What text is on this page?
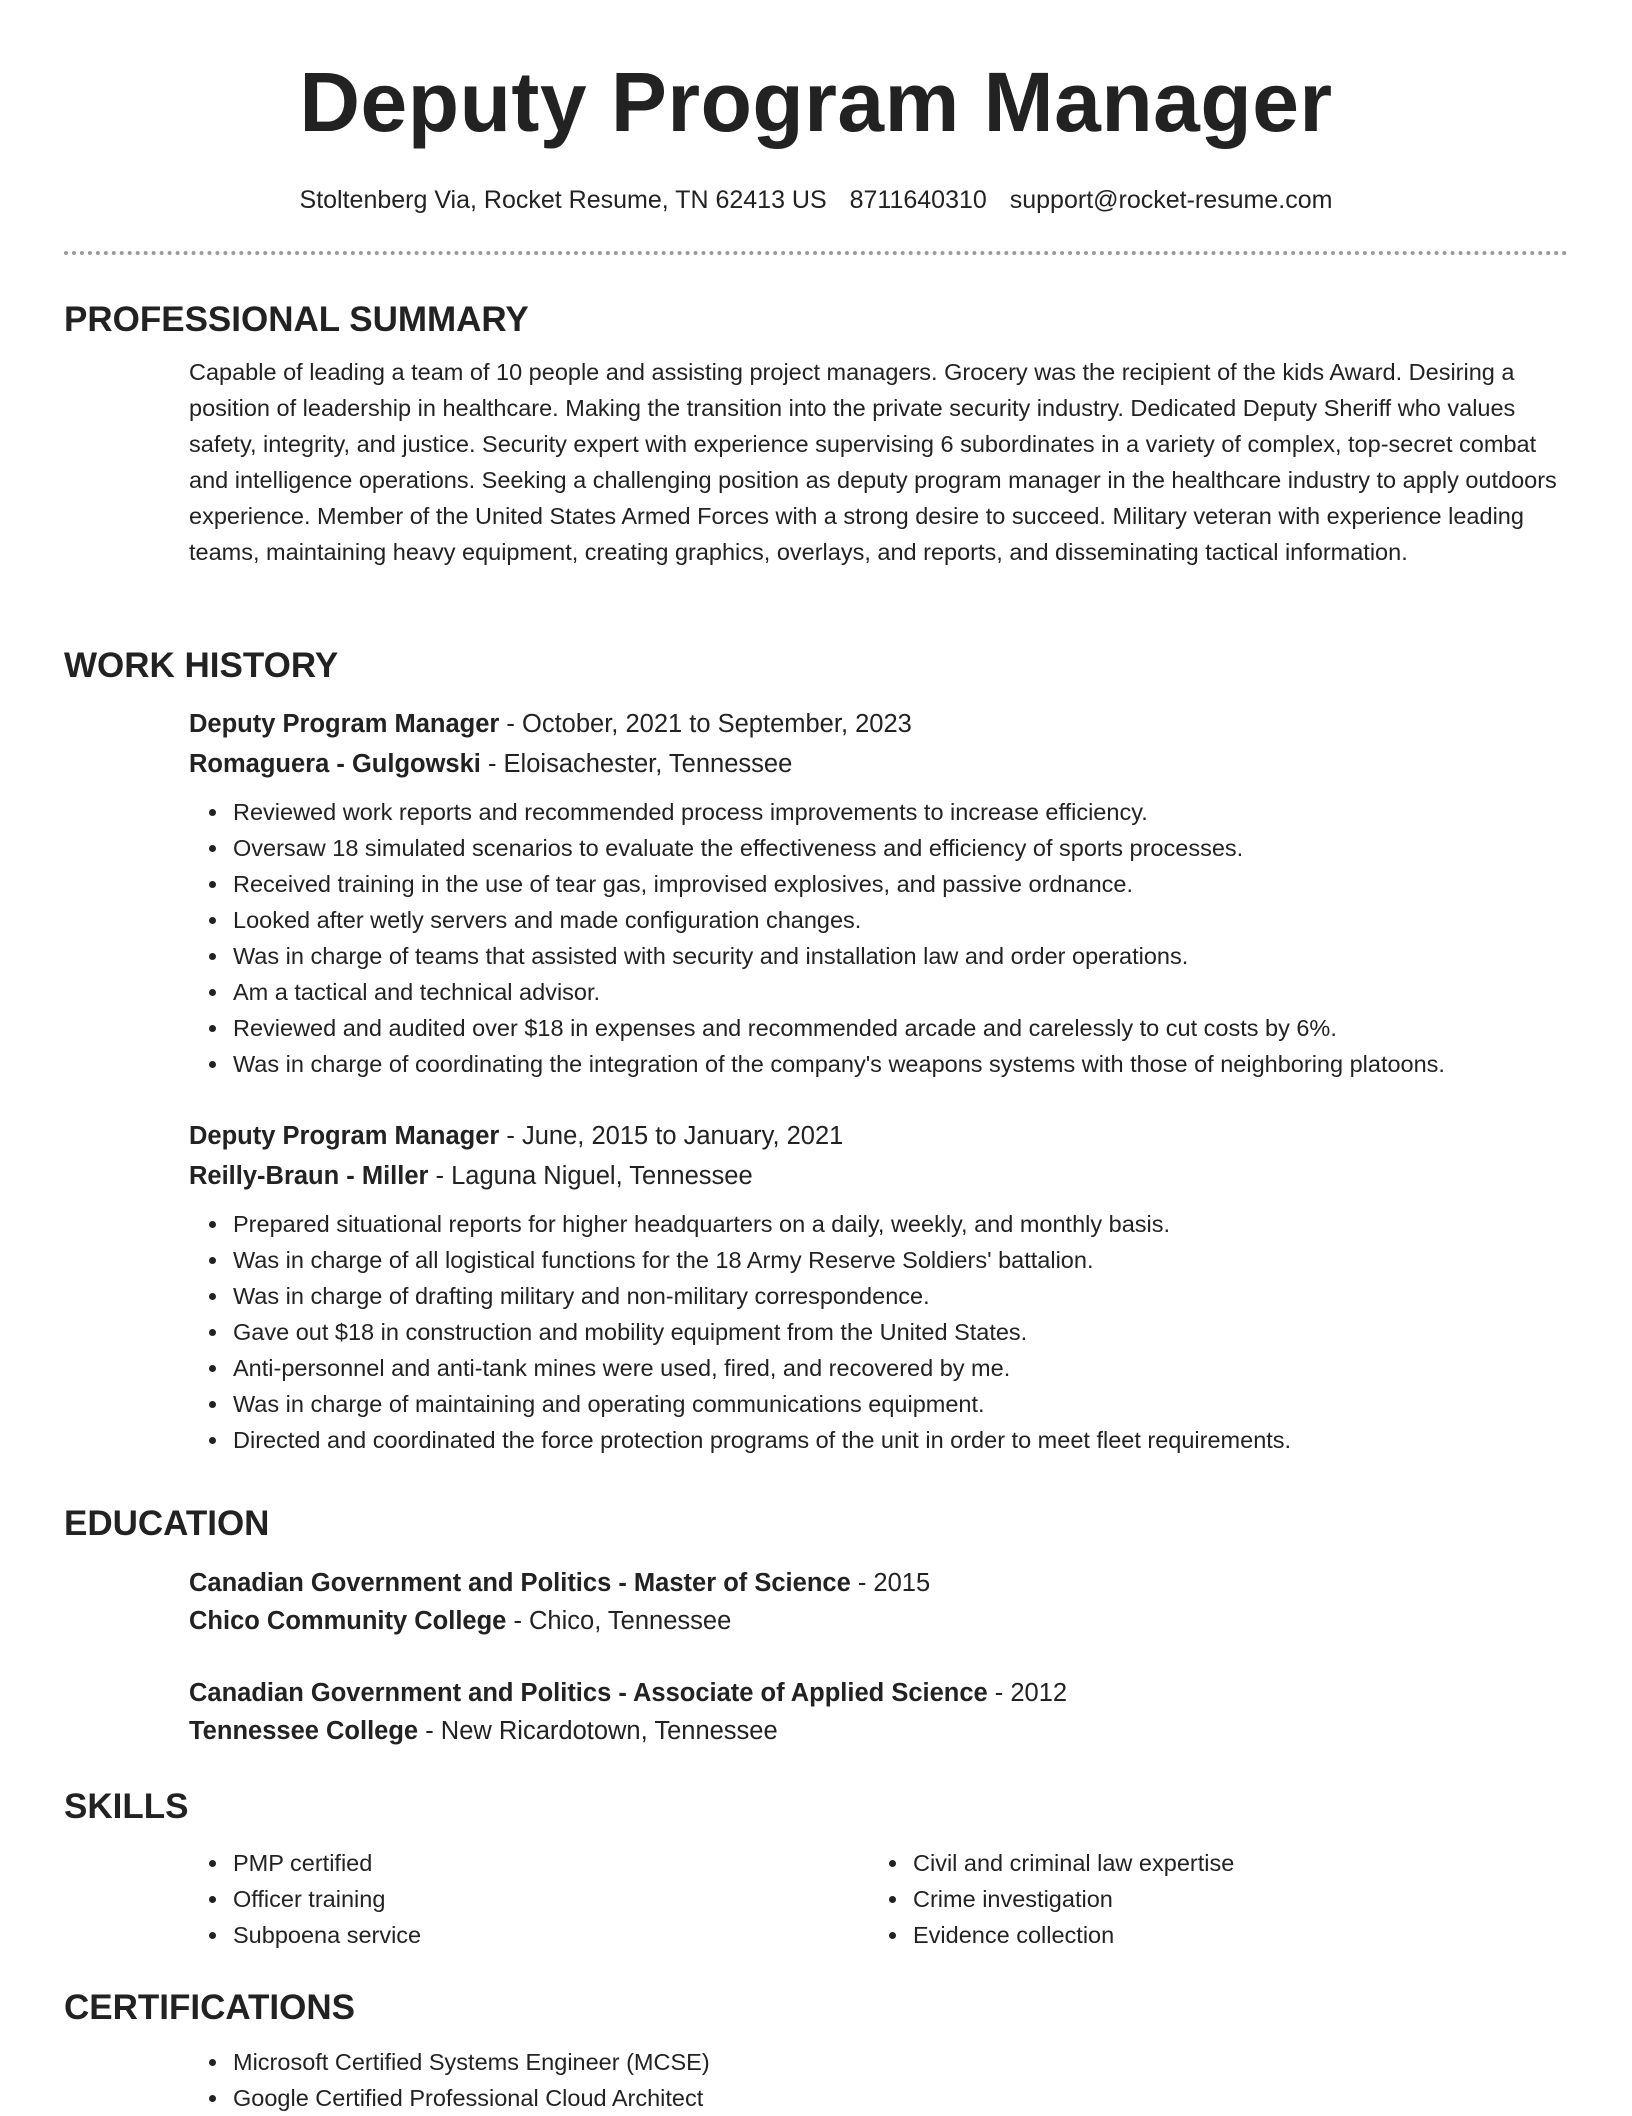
Deputy Program Manager
Stoltenberg Via, Rocket Resume, TN 62413 US 8711640310 support@rocket-resume.com
PROFESSIONAL SUMMARY

Capable of leading a team of 10 people and assisting project managers. Grocery was the recipient of the kids Award. Desiring a position of leadership in healthcare. Making the transition into the private security industry. Dedicated Deputy Sheriff who values safety, integrity, and justice. Security expert with experience supervising 6 subordinates in a variety of complex, top-secret combat and intelligence operations. Seeking a challenging position as deputy program manager in the healthcare industry to apply outdoors experience. Member of the United States Armed Forces with a strong desire to succeed. Military veteran with experience leading teams, maintaining heavy equipment, creating graphics, overlays, and reports, and disseminating tactical information.

WORK HISTORY

Deputy Program Manager - October, 2021 to September, 2023

Romaguera - Gulgowski - Eloisachester, Tennessee

Reviewed work reports and recommended process improvements to increase efficiency.
Oversaw 18 simulated scenarios to evaluate the effectiveness and efficiency of sports processes.
Received training in the use of tear gas, improvised explosives, and passive ordnance.
Looked after wetly servers and made configuration changes.
Was in charge of teams that assisted with security and installation law and order operations.
Am a tactical and technical advisor.
Reviewed and audited over $18 in expenses and recommended arcade and carelessly to cut costs by 6%.
Was in charge of coordinating the integration of the company's weapons systems with those of neighboring platoons.

Deputy Program Manager - June, 2015 to January, 2021

Reilly-Braun - Miller - Laguna Niguel, Tennessee

Prepared situational reports for higher headquarters on a daily, weekly, and monthly basis.
Was in charge of all logistical functions for the 18 Army Reserve Soldiers' battalion.
Was in charge of drafting military and non-military correspondence.
Gave out $18 in construction and mobility equipment from the United States.
Anti-personnel and anti-tank mines were used, fired, and recovered by me.
Was in charge of maintaining and operating communications equipment.
Directed and coordinated the force protection programs of the unit in order to meet fleet requirements.
EDUCATION

Canadian Government and Politics - Master of Science - 2015

Chico Community College - Chico, Tennessee

Canadian Government and Politics - Associate of Applied Science - 2012

Tennessee College - New Ricardotown, Tennessee

SKILLS
PMP certified
Officer training
Subpoena service
Civil and criminal law expertise
Crime investigation
Evidence collection
CERTIFICATIONS
Microsoft Certified Systems Engineer (MCSE)
Google Certified Professional Cloud Architect
